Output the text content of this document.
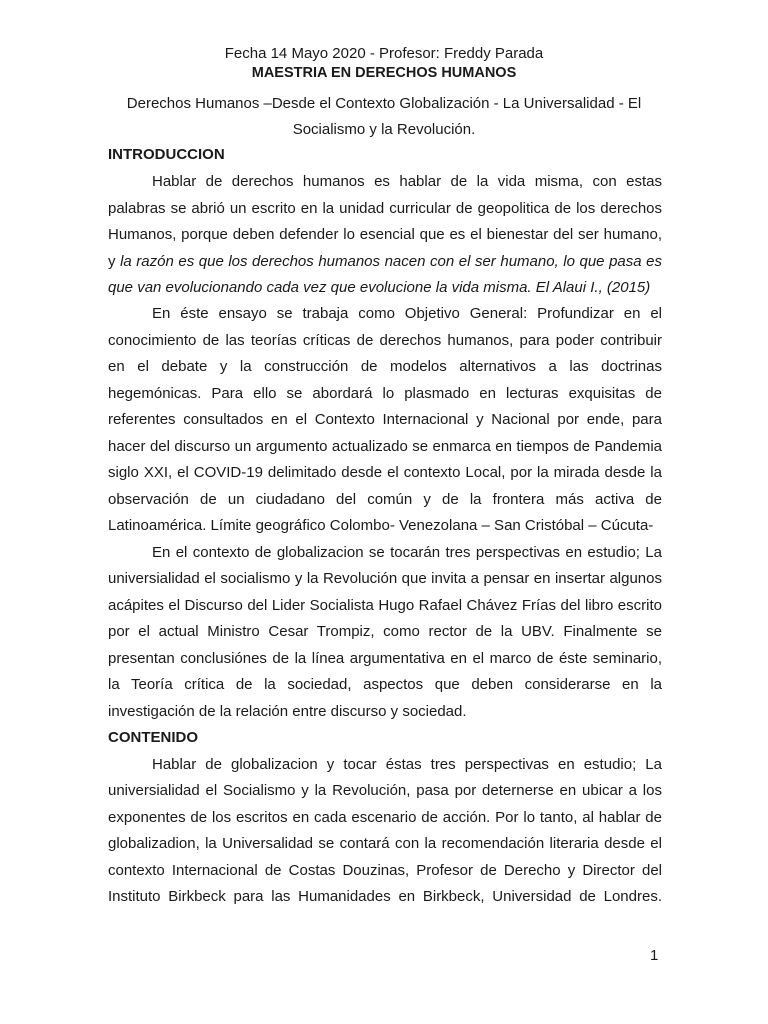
Fecha 14 Mayo 2020 - Profesor: Freddy Parada
MAESTRIA EN DERECHOS HUMANOS
Derechos Humanos –Desde el Contexto Globalización - La Universalidad - El
Socialismo y la Revolución.
INTRODUCCION
Hablar de derechos humanos es hablar de la vida misma, con estas
palabras se abrió un escrito en la unidad curricular de geopolitica de los derechos
Humanos, porque deben defender lo esencial que es el bienestar del ser humano,
y la razón es que los derechos humanos nacen con el ser humano, lo que pasa es
que van evolucionando cada vez que evolucione la vida misma. El Alaui I., (2015)
En éste ensayo se trabaja como Objetivo General: Profundizar en el
conocimiento de las teorías críticas de derechos humanos, para poder contribuir
en el debate y la construcción de modelos alternativos a las doctrinas
hegemónicas. Para ello se abordará lo plasmado en lecturas exquisitas de
referentes consultados en el Contexto Internacional y Nacional por ende, para
hacer del discurso un argumento actualizado se enmarca en tiempos de Pandemia
siglo XXI, el COVID-19 delimitado desde el contexto Local, por la mirada desde la
observación de un ciudadano del común y de la frontera más activa de
Latinoamérica. Límite geográfico Colombo- Venezolana – San Cristóbal – Cúcuta-
En el contexto de globalizacion se tocarán tres perspectivas en estudio; La
universialidad el socialismo y la Revolución que invita a pensar en insertar algunos
acápites el Discurso del Lider Socialista Hugo Rafael Chávez Frías del libro escrito
por el actual Ministro Cesar Trompiz, como rector de la UBV. Finalmente se
presentan conclusiónes de la línea argumentativa en el marco de éste seminario,
la Teoría crítica de la sociedad, aspectos que deben considerarse en la
investigación de la relación entre discurso y sociedad.
CONTENIDO
Hablar de globalizacion y tocar éstas tres perspectivas en estudio; La
universialidad el Socialismo y la Revolución, pasa por deternerse en ubicar a los
exponentes de los escritos en cada escenario de acción. Por lo tanto, al hablar de
globalizadion, la Universalidad se contará con la recomendación literaria desde el
contexto Internacional de Costas Douzinas, Profesor de Derecho y Director del
Instituto Birkbeck para las Humanidades en Birkbeck, Universidad de Londres.
1
